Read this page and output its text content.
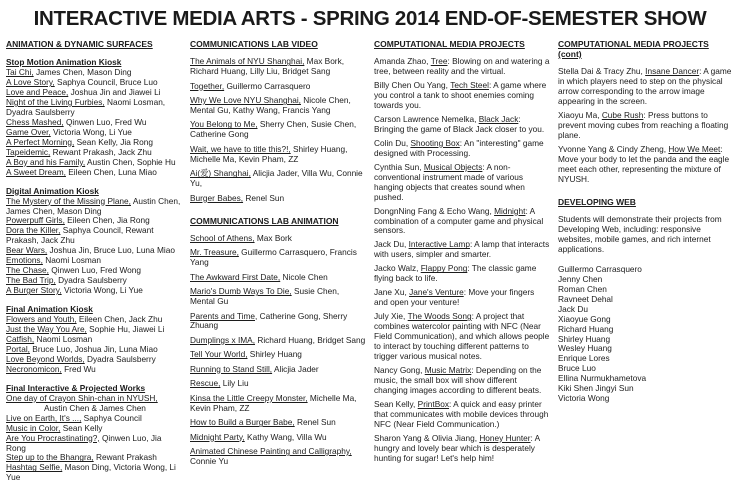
INTERACTIVE MEDIA ARTS - SPRING 2014 END-OF-SEMESTER SHOW
ANIMATION & DYNAMIC SURFACES
Stop Motion Animation Kiosk
Tai Chi, James Chen, Mason Ding
A Love Story, Saphya Council, Bruce Luo
Love and Peace, Joshua Jin and Jiawei Li
Night of the Living Furbies, Naomi Losman, Dyadra Saulsberry
Chess Mashed, Qinwen Luo, Fred Wu
Game Over, Victoria Wong, Li Yue
A Perfect Morning, Sean Kelly, Jia Rong
Tapeidemic, Rewant Prakash, Jack Zhu
A Boy and his Family, Austin Chen, Sophie Hu
A Sweet Dream, Eileen Chen, Luna Miao
Digital Animation Kiosk
The Mystery of the Missing Plane, Austin Chen, James Chen, Mason Ding
Powerpuff Girls, Eileen Chen, Jia Rong
Dora the Killer, Saphya Council, Rewant Prakash, Jack Zhu
Bear Wars, Joshua Jin, Bruce Luo, Luna Miao
Emotions, Naomi Losman
The Chase, Qinwen Luo, Fred Wong
The Bad Trip, Dyadra Saulsberry
A Burger Story, Victoria Wong, Li Yue
Final Animation Kiosk
Flowers and Youth, Eileen Chen, Jack Zhu
Just the Way You Are, Sophie Hu, Jiawei Li
Catfish, Naomi Losman
Portal, Bruce Luo, Joshua Jin, Luna Miao
Love Beyond Worlds, Dyadra Saulsberry
Necronomicon, Fred Wu
Final Interactive & Projected Works
One day of Crayon Shin-chan in NYUSH,
Austin Chen & James Chen
Live on Earth, It's ..., Saphya Council
Music in Color, Sean Kelly
Are You Procrastinating?, Qinwen Luo, Jia Rong
Step up to the Bhangra, Rewant Prakash
Hashtag Selfie, Mason Ding, Victoria Wong, Li Yue
COMMUNICATIONS LAB VIDEO
The Animals of NYU Shanghai, Max Bork, Richard Huang, Lilly Liu, Bridget Sang
Together, Guillermo Carrasquero
Why We Love NYU Shanghai, Nicole Chen, Mental Gu, Kathy Wang, Francis Yang
You Belong to Me, Sherry Chen, Susie Chen, Catherine Gong
Wait, we have to title this?!, Shirley Huang, Michelle Ma, Kevin Pham, ZZ
Ai(爱) Shanghai, Alicjia Jader, Villa Wu, Connie Yu,
Burger Babes, Renel Sun
COMMUNICATIONS LAB ANIMATION
School of Athens, Max Bork
Mr. Treasure, Guillermo Carrasquero, Francis Yang
The Awkward First Date, Nicole Chen
Mario's Dumb Ways To Die, Susie Chen, Mental Gu
Parents and Time, Catherine Gong, Sherry Zhuang
Dumplings x IMA, Richard Huang, Bridget Sang
Tell Your World, Shirley Huang
Running to Stand Still, Alicjia Jader
Rescue, Lily Liu
Kinsa the Little Creepy Monster, Michelle Ma, Kevin Pham, ZZ
How to Build a Burger Babe, Renel Sun
Midnight Party, Kathy Wang, Villa Wu
Animated Chinese Painting and Calligraphy, Connie Yu
COMPUTATIONAL MEDIA PROJECTS
Amanda Zhao, Tree: Blowing on and watering a tree, between reality and the virtual.
Billy Chen Ou Yang, Tech Steel: A game where you control a tank to shoot enemies coming towards you.
Carson Lawrence Nemelka, Black Jack: Bringing the game of Black Jack closer to you.
Colin Du, Shooting Box: An "interesting" game designed with Processing.
Cynthia Sun, Musical Objects: A non-conventional instrument made of various hanging objects that creates sound when pushed.
DongnNing Fang & Echo Wang, Midnight: A combination of a computer game and physical sensors.
Jack Du, Interactive Lamp: A lamp that interacts with users, simpler and smarter.
Jacko Walz, Flappy Pong: The classic game flying back to life.
Jane Xu, Jane's Venture: Move your fingers and open your venture!
July Xie, The Woods Song: A project that combines watercolor painting with NFC (Near Field Communication), and which allows people to interact by touching different patterns to trigger various musical notes.
Nancy Gong, Music Matrix: Depending on the music, the small box will show different changing images according to different beats.
Sean Kelly, PrintBox: A quick and easy printer that communicates with mobile devices through NFC (Near Field Communication.)
Sharon Yang & Olivia Jiang, Honey Hunter: A hungry and lovely bear which is desperately hunting for sugar! Let's help him!
COMPUTATIONAL MEDIA PROJECTS (cont)
Stella Dai & Tracy Zhu, Insane Dancer: A game in which players need to step on the physical arrow corresponding to the arrow image appearing in the screen.
Xiaoyu Ma, Cube Rush: Press buttons to prevent moving cubes from reaching a floating plane.
Yvonne Yang & Cindy Zheng, How We Meet: Move your body to let the panda and the eagle meet each other, representing the mixture of NYUSH.
DEVELOPING WEB
Students will demonstrate their projects from Developing Web, including: responsive websites, mobile games, and rich internet applications.
Guillermo Carrasquero
Jenny Chen
Roman Chen
Ravneet Dehal
Jack Du
Xiaoyue Gong
Richard Huang
Shirley Huang
Wesley Huang
Enrique Lores
Bruce Luo
Ellina Nurmukhametova
Kiki Shen Jingyi Sun
Victoria Wong
